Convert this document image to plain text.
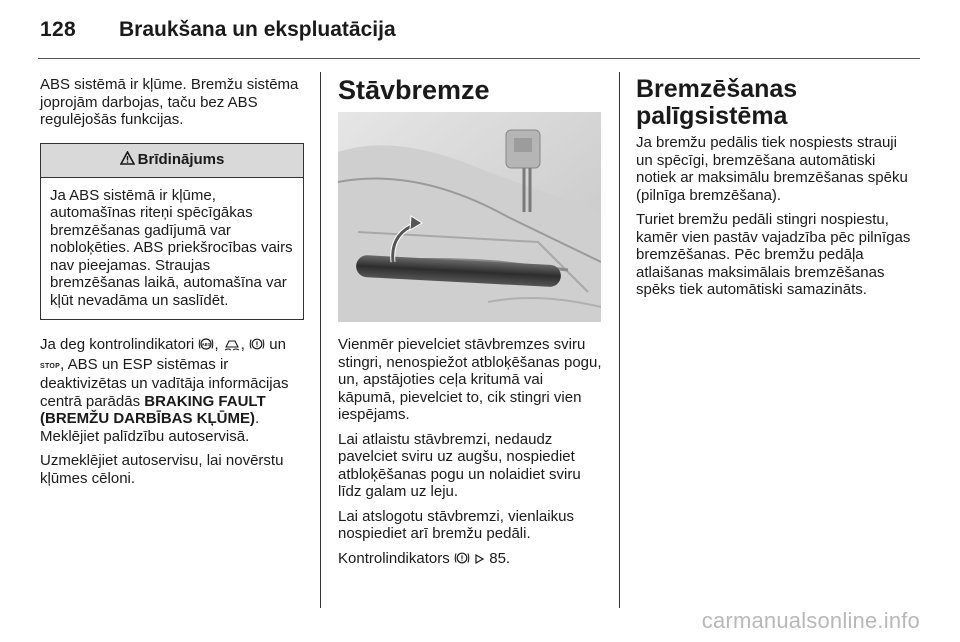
128 Braukšana un ekspluatācija

ABS sistēmā ir kļūme. Bremžu sistēma joprojām darbojas, taču bez ABS regulējošās funkcijas.

Brīdinājums
Ja ABS sistēmā ir kļūme, automašīnas riteņi spēcīgākas bremzēšanas gadījumā var nobloķēties. ABS priekšrocības vairs nav pieejamas. Straujas bremzēšanas laikā, automašīna var kļūt nevadāma un saslīdēt.

Ja deg kontrolindikatori ABS , , un
STOP, ABS un ESP sistēmas ir deaktivizētas un vadītāja informācijas centrā parādās BRAKING FAULT (BREMŽU DARBĪBAS KĻŪME). Meklējiet palīdzību autoservisā.

Uzmeklējiet autoservisu, lai novērstu kļūmes cēloni.

Stāvbremze

Vienmēr pievelciet stāvbremzes sviru stingri, nenospiežot atbloķēšanas pogu, un, apstājoties ceļa kritumā vai kāpumā, pievelciet to, cik stingri vien iespējams.

Lai atlaistu stāvbremzi, nedaudz pavelciet sviru uz augšu, nospiediet atbloķēšanas pogu un nolaidiet sviru līdz galam uz leju.

Lai atslogotu stāvbremzi, vienlaikus nospiediet arī bremžu pedāli.

Kontrolindikators	85.

Bremzēšanas palīgsistēma

Ja bremžu pedālis tiek nospiests strauji un spēcīgi, bremzēšana automātiski notiek ar maksimālu bremzēšanas spēku (pilnīga bremzēšana).

Turiet bremžu pedāli stingri nospiestu, kamēr vien pastāv vajadzība pēc pilnīgas bremzēšanas. Pēc bremžu pedāļa atlaišanas maksimālais bremzēšanas spēks tiek automātiski samazināts.

carmanualsonline.info
